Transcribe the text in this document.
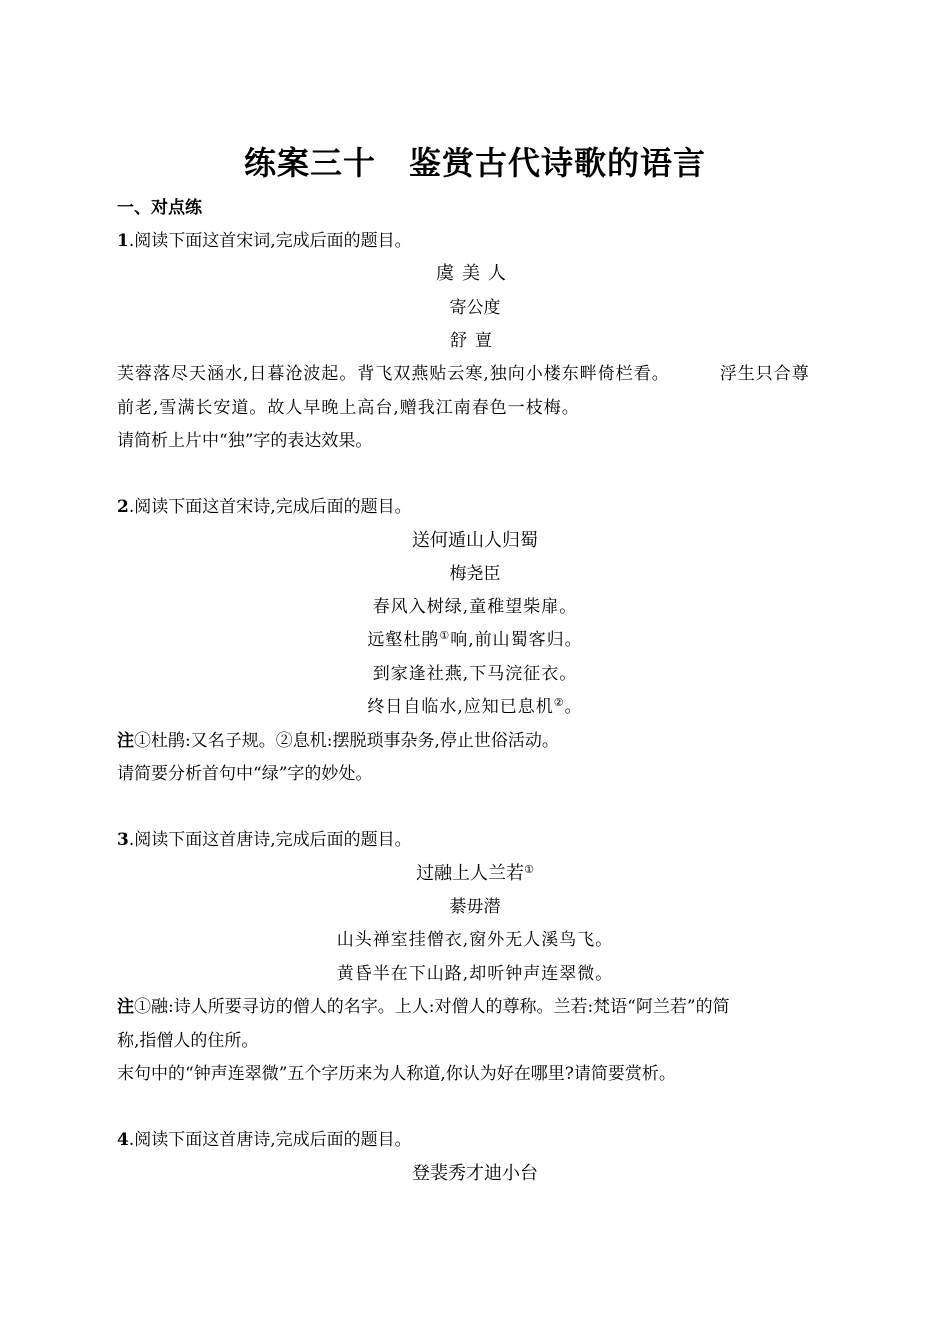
练案三十　鉴赏古代诗歌的语言
一、对点练
1.阅读下面这首宋词,完成后面的题目。
虞美人
寄公度
舒亶
芙蓉落尽天涵水,日暮沧波起。背飞双燕贴云寒,独向小楼东畔倚栏看。	浮生只合尊
前老,雪满长安道。故人早晚上高台,赠我江南春色一枝梅。
请简析上片中“独”字的表达效果。
2.阅读下面这首宋诗,完成后面的题目。
送何遁山人归蜀
梅尧臣
春风入树绿,童稚望柴扉。
远壑杜鹃①响,前山蜀客归。
到家逢社燕,下马浣征衣。
终日自临水,应知已息机②。
注①杜鹃:又名子规。②息机:摆脱琐事杂务,停止世俗活动。
请简要分析首句中“绿”字的妙处。
3.阅读下面这首唐诗,完成后面的题目。
过融上人兰若①
綦毋潜
山头禅室挂僧衣,窗外无人溪鸟飞。
黄昏半在下山路,却听钟声连翠微。
注①融:诗人所要寻访的僧人的名字。上人:对僧人的尊称。兰若:梵语“阿兰若”的简
称,指僧人的住所。
末句中的“钟声连翠微”五个字历来为人称道,你认为好在哪里?请简要赏析。
4.阅读下面这首唐诗,完成后面的题目。
登裴秀才迪小台
